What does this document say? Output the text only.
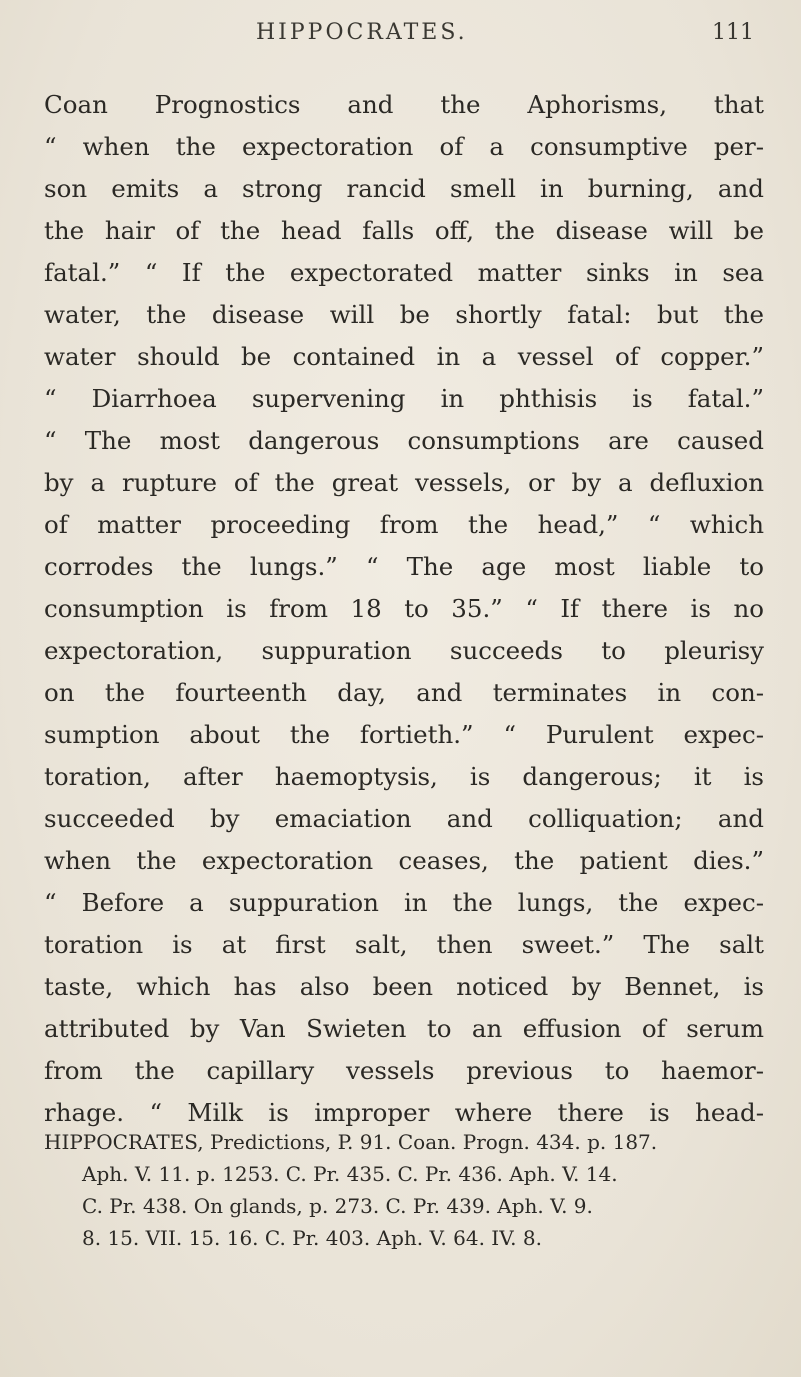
HIPPOCRATES.	111
Coan Prognostics and the Aphorisms, that
“ when the expectoration of a consumptive per-
son emits a strong rancid smell in burning, and
the hair of the head falls off, the disease will be
fatal.” “ If the expectorated matter sinks in sea
water, the disease will be shortly fatal: but the
water should be contained in a vessel of copper.”
“ Diarrhoea supervening in phthisis is fatal.”
“ The most dangerous consumptions are caused
by a rupture of the great vessels, or by a defluxion
of matter proceeding from the head,” “ which
corrodes the lungs.” “ The age most liable to
consumption is from 18 to 35.” “ If there is no
expectoration, suppuration succeeds to pleurisy
on the fourteenth day, and terminates in con-
sumption about the fortieth.” “ Purulent expec-
toration, after haemoptysis, is dangerous; it is
succeeded by emaciation and colliquation; and
when the expectoration ceases, the patient dies.”
“ Before a suppuration in the lungs, the expec-
toration is at first salt, then sweet.” The salt
taste, which has also been noticed by Bennet, is
attributed by Van Swieten to an effusion of serum
from the capillary vessels previous to haemor-
rhage. “ Milk is improper where there is head-
HIPPOCRATES, Predictions, P. 91. Coan. Progn. 434. p. 187.
Aph. V. 11. p. 1253. C. Pr. 435. C. Pr. 436. Aph. V. 14.
C. Pr. 438. On glands, p. 273. C. Pr. 439. Aph. V. 9.
8. 15. VII. 15. 16. C. Pr. 403. Aph. V. 64. IV. 8.
